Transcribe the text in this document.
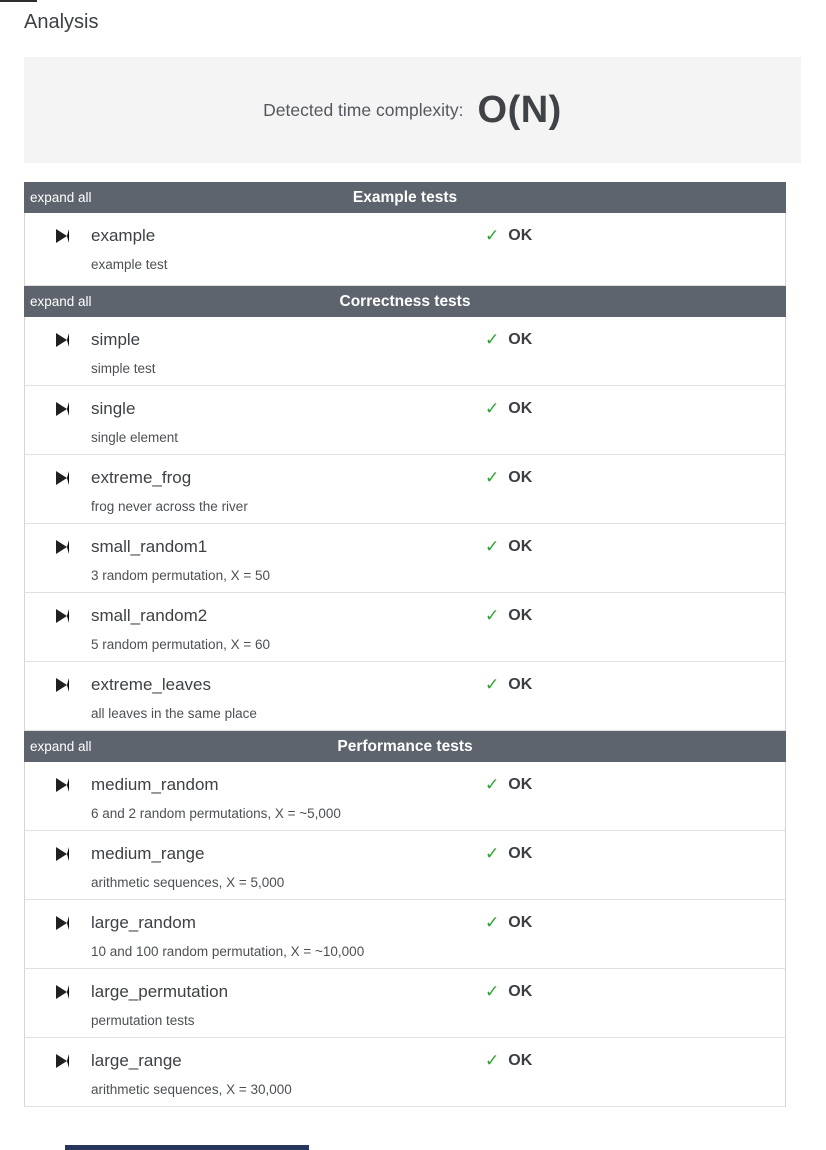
Analysis
Detected time complexity: O(N)
expand all	Example tests
example
example test
✓ OK
expand all	Correctness tests
simple
simple test
✓ OK
single
single element
✓ OK
extreme_frog
frog never across the river
✓ OK
small_random1
3 random permutation, X = 50
✓ OK
small_random2
5 random permutation, X = 60
✓ OK
extreme_leaves
all leaves in the same place
✓ OK
expand all	Performance tests
medium_random
6 and 2 random permutations, X = ~5,000
✓ OK
medium_range
arithmetic sequences, X = 5,000
✓ OK
large_random
10 and 100 random permutation, X = ~10,000
✓ OK
large_permutation
permutation tests
✓ OK
large_range
arithmetic sequences, X = 30,000
✓ OK
